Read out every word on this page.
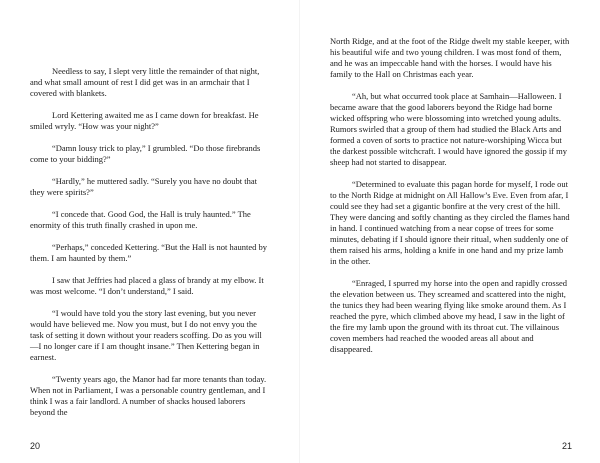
Needless to say, I slept very little the remainder of that night, and what small amount of rest I did get was in an armchair that I covered with blankets.

Lord Kettering awaited me as I came down for breakfast. He smiled wryly. “How was your night?”

“Damn lousy trick to play,” I grumbled. “Do those firebrands come to your bidding?”

“Hardly,” he muttered sadly. “Surely you have no doubt that they were spirits?”

“I concede that. Good God, the Hall is truly haunted.” The enormity of this truth finally crashed in upon me.

“Perhaps,” conceded Kettering. “But the Hall is not haunted by them. I am haunted by them.”

I saw that Jeffries had placed a glass of brandy at my elbow. It was most welcome. “I don’t understand,” I said.

“I would have told you the story last evening, but you never would have believed me. Now you must, but I do not envy you the task of setting it down without your readers scoffing. Do as you will—I no longer care if I am thought insane.” Then Kettering began in earnest.

“Twenty years ago, the Manor had far more tenants than today. When not in Parliament, I was a personable country gentleman, and I think I was a fair landlord. A number of shacks housed laborers beyond the

20

North Ridge, and at the foot of the Ridge dwelt my stable keeper, with his beautiful wife and two young children. I was most fond of them, and he was an impeccable hand with the horses. I would have his family to the Hall on Christmas each year.

“Ah, but what occurred took place at Samhain—Halloween. I became aware that the good laborers beyond the Ridge had borne wicked offspring who were blossoming into wretched young adults. Rumors swirled that a group of them had studied the Black Arts and formed a coven of sorts to practice not nature-worshiping Wicca but the darkest possible witchcraft. I would have ignored the gossip if my sheep had not started to disappear.

“Determined to evaluate this pagan horde for myself, I rode out to the North Ridge at midnight on All Hallow’s Eve. Even from afar, I could see they had set a gigantic bonfire at the very crest of the hill. They were dancing and softly chanting as they circled the flames hand in hand. I continued watching from a near copse of trees for some minutes, debating if I should ignore their ritual, when suddenly one of them raised his arms, holding a knife in one hand and my prize lamb in the other.

“Enraged, I spurred my horse into the open and rapidly crossed the elevation between us. They screamed and scattered into the night, the tunics they had been wearing flying like smoke around them. As I reached the pyre, which climbed above my head, I saw in the light of the fire my lamb upon the ground with its throat cut. The villainous coven members had reached the wooded areas all about and disappeared.

21
